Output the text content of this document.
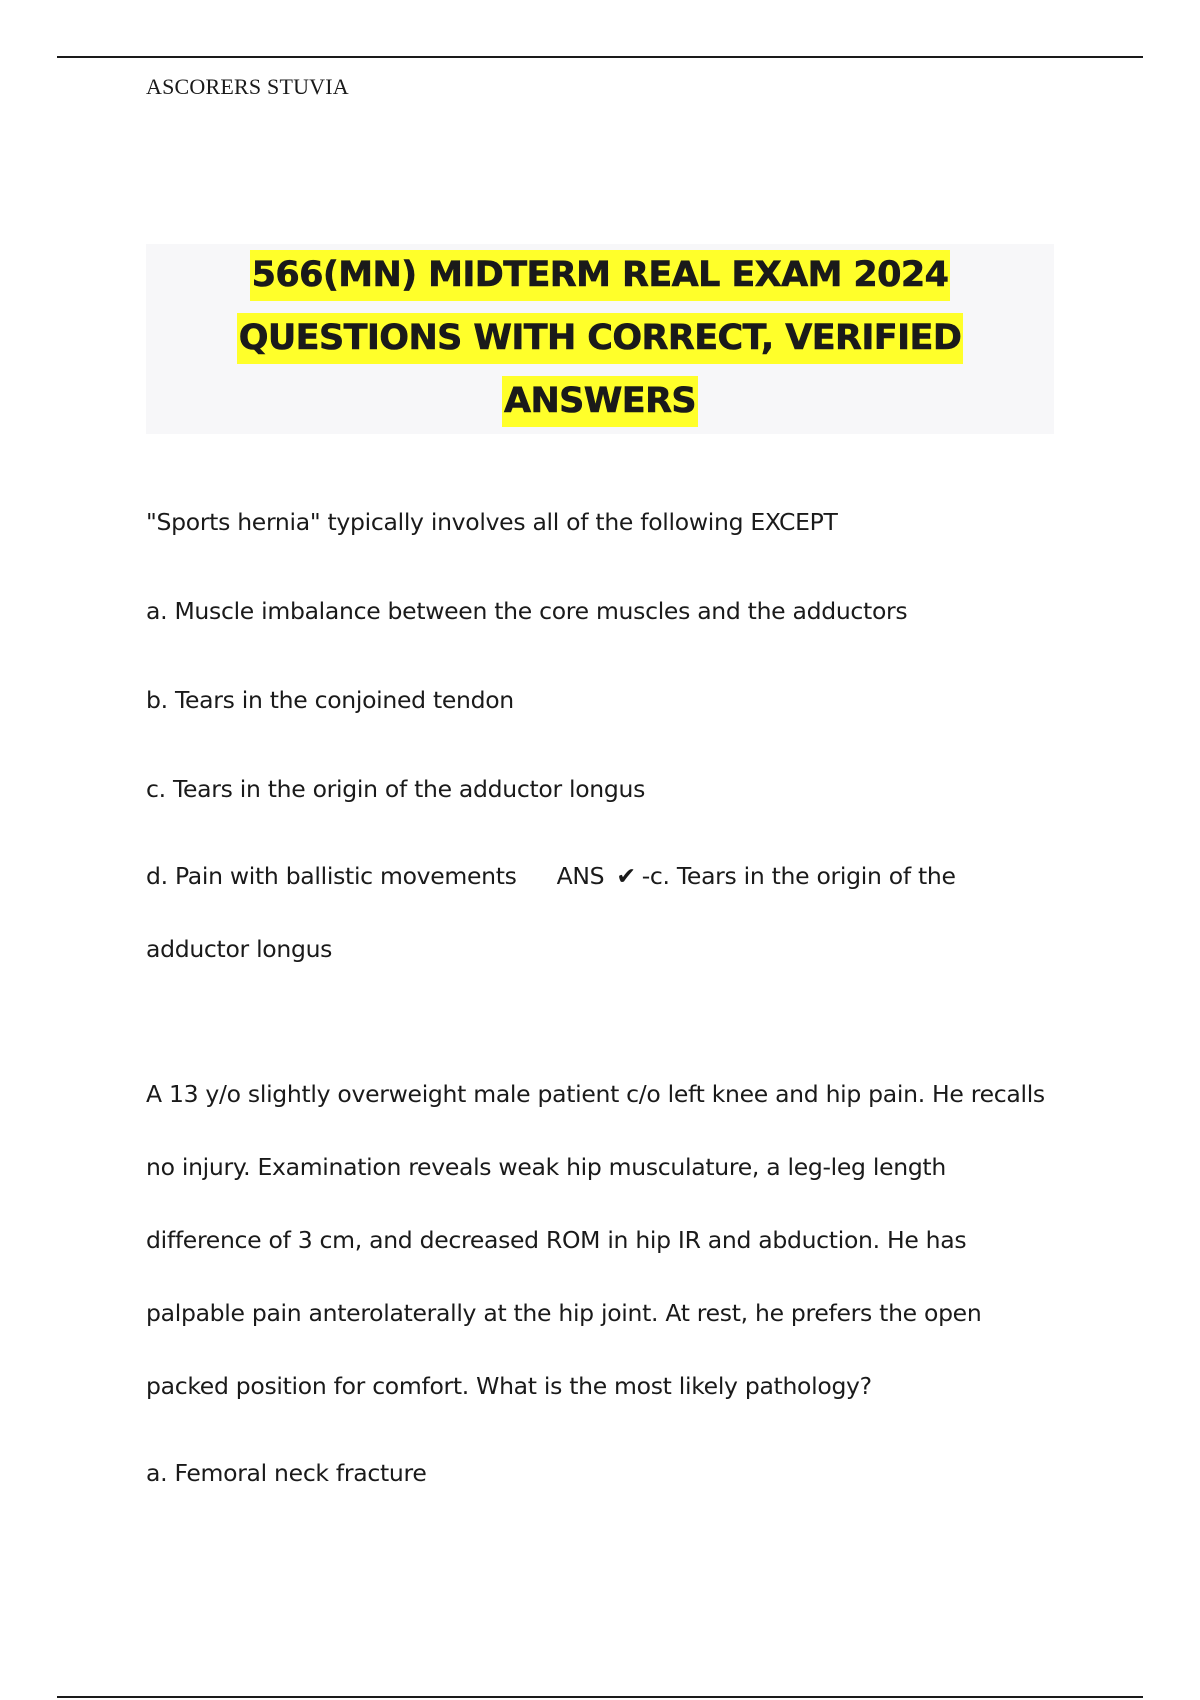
ASCORERS STUVIA
566(MN) MIDTERM REAL EXAM 2024
QUESTIONS WITH CORRECT, VERIFIED
ANSWERS
"Sports hernia" typically involves all of the following EXCEPT
a. Muscle imbalance between the core muscles and the adductors
b. Tears in the conjoined tendon
c. Tears in the origin of the adductor longus
d. Pain with ballistic movements ANS ✔ -c. Tears in the origin of the
adductor longus
A 13 y/o slightly overweight male patient c/o left knee and hip pain. He recalls
no injury. Examination reveals weak hip musculature, a leg-leg length
difference of 3 cm, and decreased ROM in hip IR and abduction. He has
palpable pain anterolaterally at the hip joint. At rest, he prefers the open
packed position for comfort. What is the most likely pathology?
a. Femoral neck fracture
